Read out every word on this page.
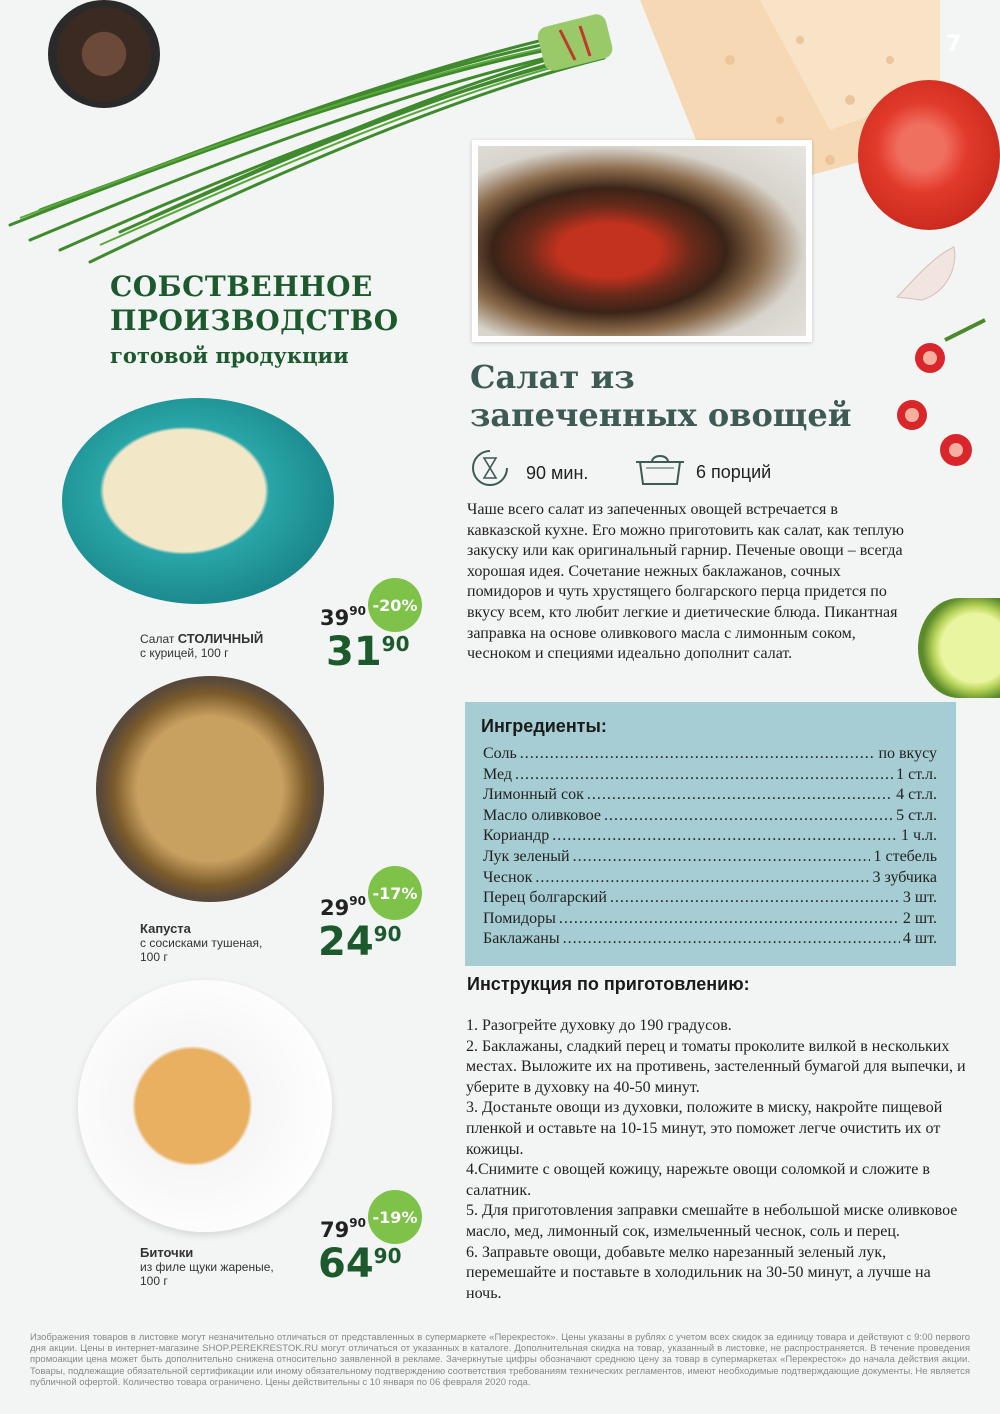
7
СОБСТВЕННОЕ
ПРОИЗВОДСТВО
готовой продукции
Салат СТОЛИЧНЫЙ
с курицей, 100 г
$39^{90}$
$31^{90}$
-20%
Капуста
с сосисками тушеная,
100 г
$29^{90}$
$24^{90}$
-17%
Биточки
из филе щуки жареные,
100 г
$79^{90}$
$64^{90}$
-19%
Салат из
запеченных овощей
90 мин.	6 порций
Чаше всего салат из запеченных овощей встречается в кавказской кухне. Его можно приготовить как салат, как теплую закуску или как оригинальный гарнир. Печеные овощи – всегда хорошая идея. Сочетание нежных баклажанов, сочных помидоров и чуть хрустящего болгарского перца придется по вкусу всем, кто любит легкие и диетические блюда. Пикантная заправка на основе оливкового масла с лимонным соком, чесноком и специями идеально дополнит салат.
Ингредиенты:
Соль .....	по вкусу
Мед .....	1 ст.л.
Лимонный сок .....	4 ст.л.
Масло оливковое .....	5 ст.л.
Кориандр .....	1 ч.л.
Лук зеленый .....	1 стебель
Чеснок .....	3 зубчика
Перец болгарский .....	3 шт.
Помидоры .....	2 шт.
Баклажаны .....	4 шт.
Инструкция по приготовлению:

1. Разогрейте духовку до 190 градусов.

2. Баклажаны, сладкий перец и томаты проколите вилкой в нескольких местах. Выложите их на противень, застеленный бумагой для выпечки, и уберите в духовку на 40-50 минут.

3. Достаньте овощи из духовки, положите в миску, накройте пищевой пленкой и оставьте на 10-15 минут, это поможет легче очистить их от кожицы.

4.Снимите с овощей кожицу, нарежьте овощи соломкой и сложите в салатник.

5. Для приготовления заправки смешайте в небольшой миске оливковое масло, мед, лимонный сок, измельченный чеснок, соль и перец.

6. Заправьте овощи, добавьте мелко нарезанный зеленый лук, перемешайте и поставьте в холодильник на 30-50 минут, а лучше на ночь.

Изображения товаров в листовке могут незначительно отличаться от представленных в супермаркете «Перекресток». Цены указаны в рублях с учетом всех скидок за единицу товара и действуют с 9:00 первого дня акции. Цены в интернет-магазине SHOP.PEREKRESTOK.RU могут отличаться от указанных в каталоге. Дополнительная скидка на товар, указанный в листовке, не распространяется. В течение проведения промоакции цена может быть дополнительно снижена относительно заявленной в рекламе. Зачеркнутые цифры обозначают среднюю цену за товар в супермаркетах «Перекресток» до начала действия акции. Товары, подлежащие обязательной сертификации или иному обязательному подтверждению соответствия требованиям технических регламентов, имеют необходимые подтверждающие документы. Не является публичной офертой. Количество товара ограничено. Цены действительны с 10 января по 06 февраля 2020 года.
